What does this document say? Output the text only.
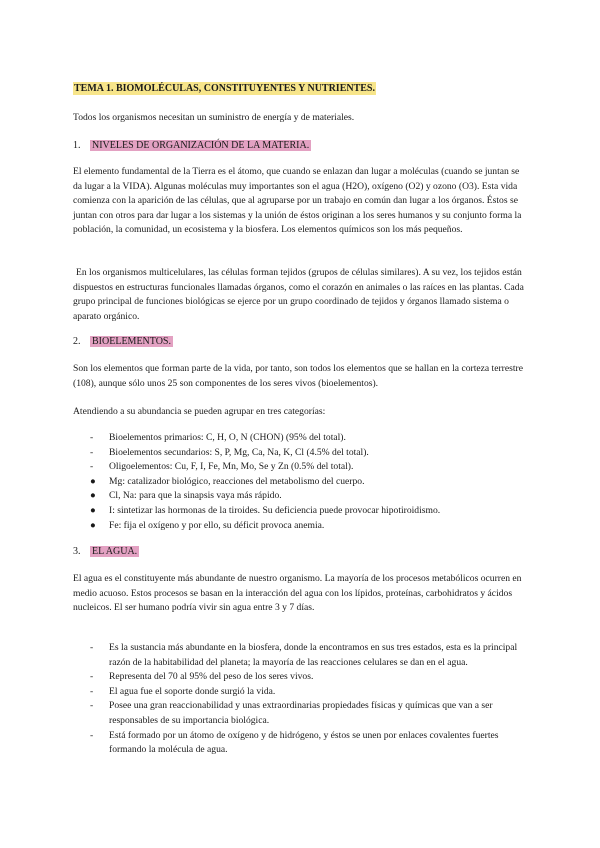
TEMA 1. BIOMOLÉCULAS, CONSTITUYENTES Y NUTRIENTES.

Todos los organismos necesitan un suministro de energía y de materiales.

1. NIVELES DE ORGANIZACIÓN DE LA MATERIA.

El elemento fundamental de la Tierra es el átomo, que cuando se enlazan dan lugar a moléculas (cuando se juntan se da lugar a la VIDA). Algunas moléculas muy importantes son el agua (H2O), oxígeno (O2) y ozono (O3). Esta vida comienza con la aparición de las células, que al agruparse por un trabajo en común dan lugar a los órganos. Éstos se juntan con otros para dar lugar a los sistemas y la unión de éstos originan a los seres humanos y su conjunto forma la población, la comunidad, un ecosistema y la biosfera. Los elementos químicos son los más pequeños.

En los organismos multicelulares, las células forman tejidos (grupos de células similares). A su vez, los tejidos están dispuestos en estructuras funcionales llamadas órganos, como el corazón en animales o las raíces en las plantas. Cada grupo principal de funciones biológicas se ejerce por un grupo coordinado de tejidos y órganos llamado sistema o aparato orgánico.

2. BIOELEMENTOS.

Son los elementos que forman parte de la vida, por tanto, son todos los elementos que se hallan en la corteza terrestre (108), aunque sólo unos 25 son componentes de los seres vivos (bioelementos).

Atendiendo a su abundancia se pueden agrupar en tres categorías:

-	Bioelementos primarios: C, H, O, N (CHON) (95% del total).
-	Bioelementos secundarios: S, P, Mg, Ca, Na, K, Cl (4.5% del total).
-	Oligoelementos: Cu, F, I, Fe, Mn, Mo, Se y Zn (0.5% del total).
●	Mg: catalizador biológico, reacciones del metabolismo del cuerpo.
●	Cl, Na: para que la sinapsis vaya más rápido.
●	I: sintetizar las hormonas de la tiroides. Su deficiencia puede provocar hipotiroidismo.
●	Fe: fija el oxígeno y por ello, su déficit provoca anemia.
3. EL AGUA.

El agua es el constituyente más abundante de nuestro organismo. La mayoría de los procesos metabólicos ocurren en medio acuoso. Estos procesos se basan en la interacción del agua con los lípidos, proteínas, carbohidratos y ácidos nucleicos. El ser humano podría vivir sin agua entre 3 y 7 días.

-	Es la sustancia más abundante en la biosfera, donde la encontramos en sus tres estados, esta es la principal razón de la habitabilidad del planeta; la mayoría de las reacciones celulares se dan en el agua.
-	Representa del 70 al 95% del peso de los seres vivos.
-	El agua fue el soporte donde surgió la vida.
-	Posee una gran reaccionabilidad y unas extraordinarias propiedades físicas y químicas que van a ser responsables de su importancia biológica.
-	Está formado por un átomo de oxígeno y de hidrógeno, y éstos se unen por enlaces covalentes fuertes formando la molécula de agua.
